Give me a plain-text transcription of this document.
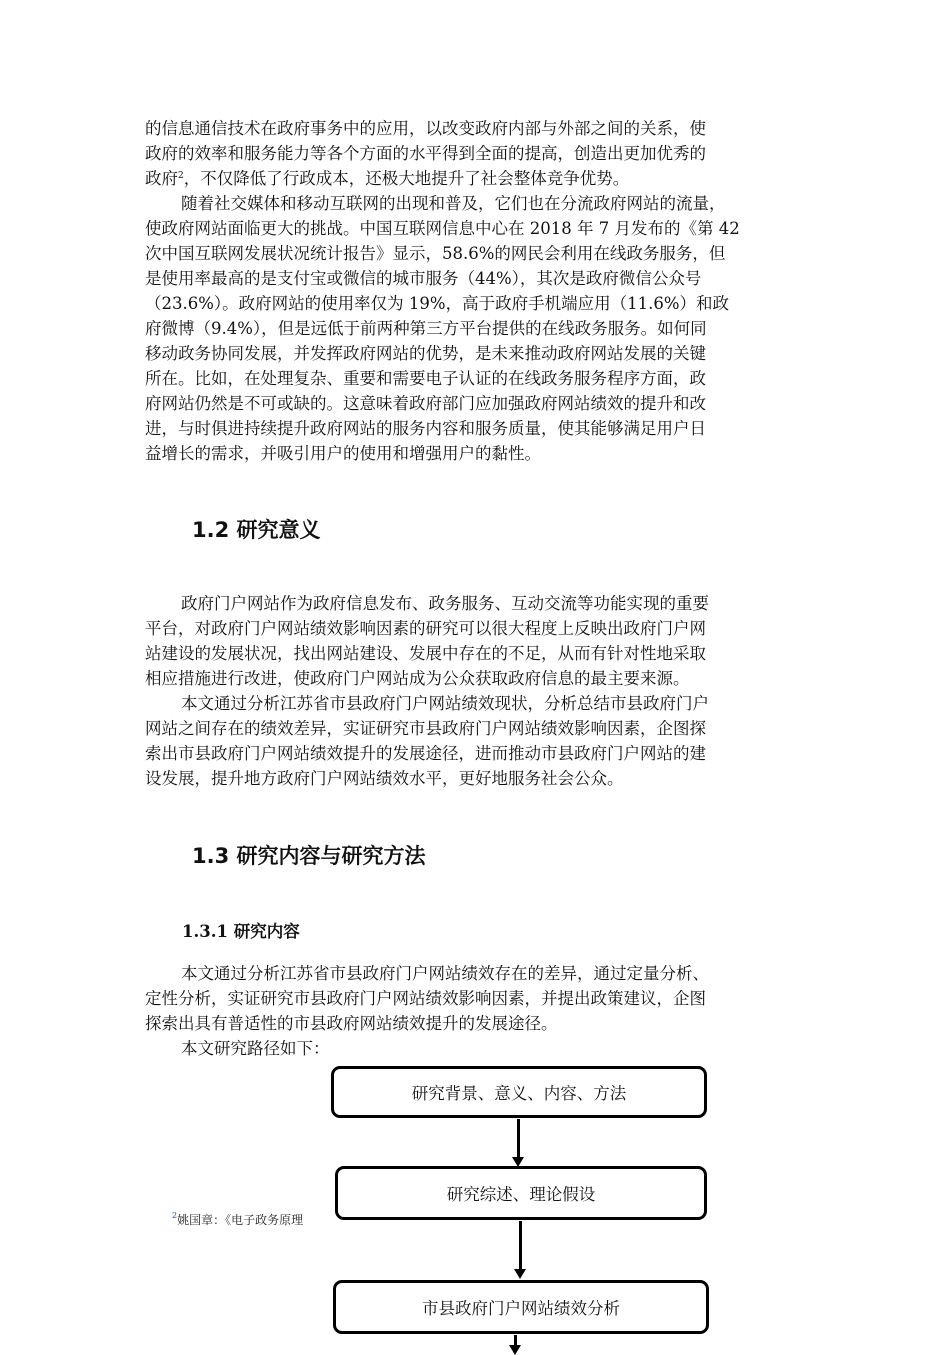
的信息通信技术在政府事务中的应用，以改变政府内部与外部之间的关系，使
政府的效率和服务能力等各个方面的水平得到全面的提高，创造出更加优秀的
政府$^2$，不仅降低了行政成本，还极大地提升了社会整体竞争优势。
随着社交媒体和移动互联网的出现和普及，它们也在分流政府网站的流量，
使政府网站面临更大的挑战。中国互联网信息中心在 2018 年 7 月发布的《第 42
次中国互联网发展状况统计报告》显示，58.6%的网民会利用在线政务服务，但
是使用率最高的是支付宝或微信的城市服务（44%），其次是政府微信公众号
（23.6%）。政府网站的使用率仅为 19%，高于政府手机端应用（11.6%）和政
府微博（9.4%），但是远低于前两种第三方平台提供的在线政务服务。如何同
移动政务协同发展，并发挥政府网站的优势，是未来推动政府网站发展的关键
所在。比如，在处理复杂、重要和需要电子认证的在线政务服务程序方面，政
府网站仍然是不可或缺的。这意味着政府部门应加强政府网站绩效的提升和改
进，与时俱进持续提升政府网站的服务内容和服务质量，使其能够满足用户日
益增长的需求，并吸引用户的使用和增强用户的黏性。
1.2 研究意义
政府门户网站作为政府信息发布、政务服务、互动交流等功能实现的重要
平台，对政府门户网站绩效影响因素的研究可以很大程度上反映出政府门户网
站建设的发展状况，找出网站建设、发展中存在的不足，从而有针对性地采取
相应措施进行改进，使政府门户网站成为公众获取政府信息的最主要来源。
本文通过分析江苏省市县政府门户网站绩效现状，分析总结市县政府门户
网站之间存在的绩效差异，实证研究市县政府门户网站绩效影响因素，企图探
索出市县政府门户网站绩效提升的发展途径，进而推动市县政府门户网站的建
设发展，提升地方政府门户网站绩效水平，更好地服务社会公众。
1.3 研究内容与研究方法
1.3.1 研究内容
本文通过分析江苏省市县政府门户网站绩效存在的差异，通过定量分析、
定性分析，实证研究市县政府门户网站绩效影响因素，并提出政策建议，企图
探索出具有普适性的市县政府网站绩效提升的发展途径。
本文研究路径如下：
研究背景、意义、内容、方法
研究综述、理论假设
市县政府门户网站绩效分析
$^2$姚国章：《电子政务原理
